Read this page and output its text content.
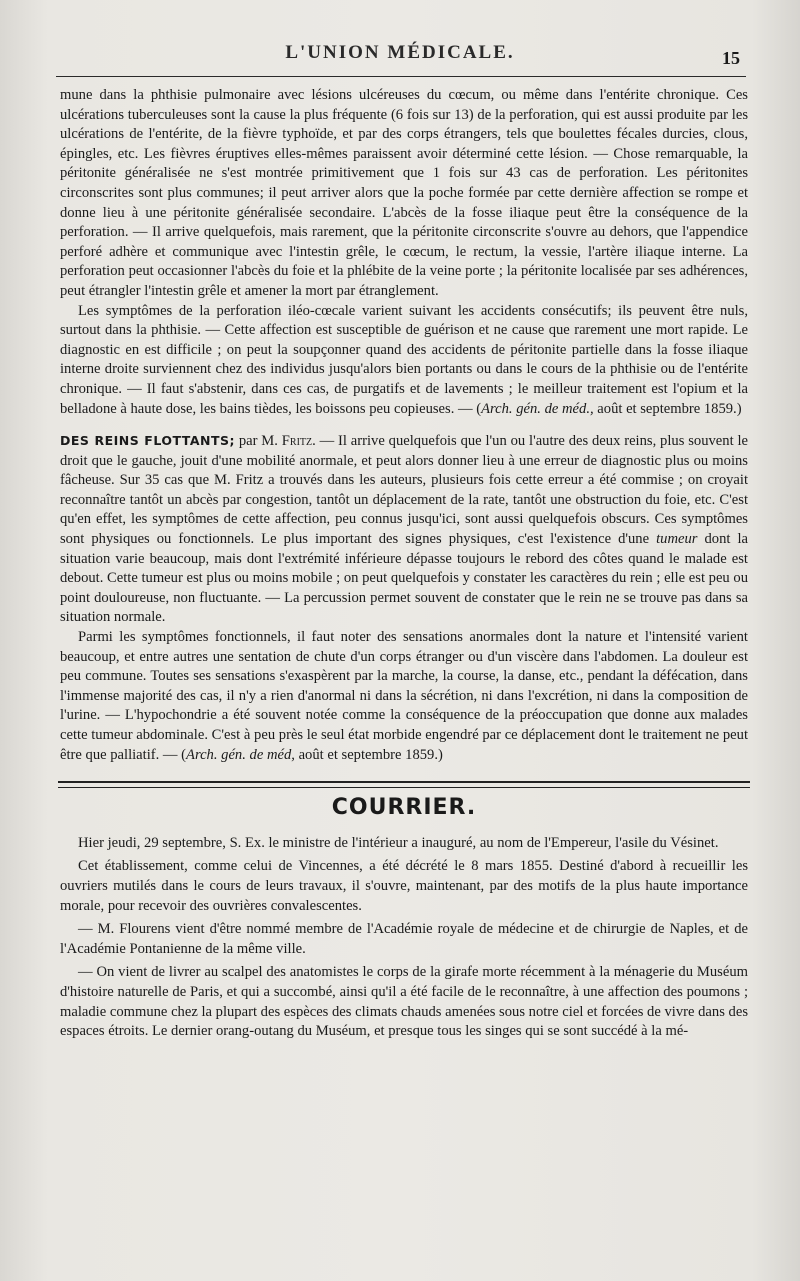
L'UNION MÉDICALE.	15

mune dans la phthisie pulmonaire avec lésions ulcéreuses du cœcum, ou même dans l'entérite chronique. Ces ulcérations tuberculeuses sont la cause la plus fréquente (6 fois sur 13) de la perforation, qui est aussi produite par les ulcérations de l'entérite, de la fièvre typhoïde, et par des corps étrangers, tels que boulettes fécales durcies, clous, épingles, etc. Les fièvres éruptives elles-mêmes paraissent avoir déterminé cette lésion. — Chose remarquable, la péritonite généralisée ne s'est montrée primitivement que 1 fois sur 43 cas de perforation. Les péritonites circonscrites sont plus communes; il peut arriver alors que la poche formée par cette dernière affection se rompe et donne lieu à une péritonite généralisée secondaire. L'abcès de la fosse iliaque peut être la conséquence de la perforation. — Il arrive quelquefois, mais rarement, que la péritonite circonscrite s'ouvre au dehors, que l'appendice perforé adhère et communique avec l'intestin grêle, le cœcum, le rectum, la vessie, l'artère iliaque interne. La perforation peut occasionner l'abcès du foie et la phlébite de la veine porte ; la péritonite localisée par ses adhérences, peut étrangler l'intestin grêle et amener la mort par étranglement.

Les symptômes de la perforation iléo-cœcale varient suivant les accidents consécutifs; ils peuvent être nuls, surtout dans la phthisie. — Cette affection est susceptible de guérison et ne cause que rarement une mort rapide. Le diagnostic en est difficile ; on peut la soupçonner quand des accidents de péritonite partielle dans la fosse iliaque interne droite surviennent chez des individus jusqu'alors bien portants ou dans le cours de la phthisie ou de l'entérite chronique. — Il faut s'abstenir, dans ces cas, de purgatifs et de lavements ; le meilleur traitement est l'opium et la belladone à haute dose, les bains tièdes, les boissons peu copieuses. — (Arch. gén. de méd., août et septembre 1859.)

DES REINS FLOTTANTS; par M. Fritz. — Il arrive quelquefois que l'un ou l'autre des deux reins, plus souvent le droit que le gauche, jouit d'une mobilité anormale, et peut alors donner lieu à une erreur de diagnostic plus ou moins fâcheuse. Sur 35 cas que M. Fritz a trouvés dans les auteurs, plusieurs fois cette erreur a été commise ; on croyait reconnaître tantôt un abcès par congestion, tantôt un déplacement de la rate, tantôt une obstruction du foie, etc. C'est qu'en effet, les symptômes de cette affection, peu connus jusqu'ici, sont aussi quelquefois obscurs. Ces symptômes sont physiques ou fonctionnels. Le plus important des signes physiques, c'est l'existence d'une tumeur dont la situation varie beaucoup, mais dont l'extrémité inférieure dépasse toujours le rebord des côtes quand le malade est debout. Cette tumeur est plus ou moins mobile ; on peut quelquefois y constater les caractères du rein ; elle est peu ou point douloureuse, non fluctuante. — La percussion permet souvent de constater que le rein ne se trouve pas dans sa situation normale.

Parmi les symptômes fonctionnels, il faut noter des sensations anormales dont la nature et l'intensité varient beaucoup, et entre autres une sentation de chute d'un corps étranger ou d'un viscère dans l'abdomen. La douleur est peu commune. Toutes ses sensations s'exaspèrent par la marche, la course, la danse, etc., pendant la défécation, dans l'immense majorité des cas, il n'y a rien d'anormal ni dans la sécrétion, ni dans l'excrétion, ni dans la composition de l'urine. — L'hypochondrie a été souvent notée comme la conséquence de la préoccupation que donne aux malades cette tumeur abdominale. C'est à peu près le seul état morbide engendré par ce déplacement dont le traitement ne peut être que palliatif. — (Arch. gén. de méd, août et septembre 1859.)

COURRIER.

Hier jeudi, 29 septembre, S. Ex. le ministre de l'intérieur a inauguré, au nom de l'Empereur, l'asile du Vésinet.

Cet établissement, comme celui de Vincennes, a été décrété le 8 mars 1855. Destiné d'abord à recueillir les ouvriers mutilés dans le cours de leurs travaux, il s'ouvre, maintenant, par des motifs de la plus haute importance morale, pour recevoir des ouvrières convalescentes.

— M. Flourens vient d'être nommé membre de l'Académie royale de médecine et de chirurgie de Naples, et de l'Académie Pontanienne de la même ville.

— On vient de livrer au scalpel des anatomistes le corps de la girafe morte récemment à la ménagerie du Muséum d'histoire naturelle de Paris, et qui a succombé, ainsi qu'il a été facile de le reconnaître, à une affection des poumons ; maladie commune chez la plupart des espèces des climats chauds amenées sous notre ciel et forcées de vivre dans des espaces étroits. Le dernier orang-outang du Muséum, et presque tous les singes qui se sont succédé à la mé-
